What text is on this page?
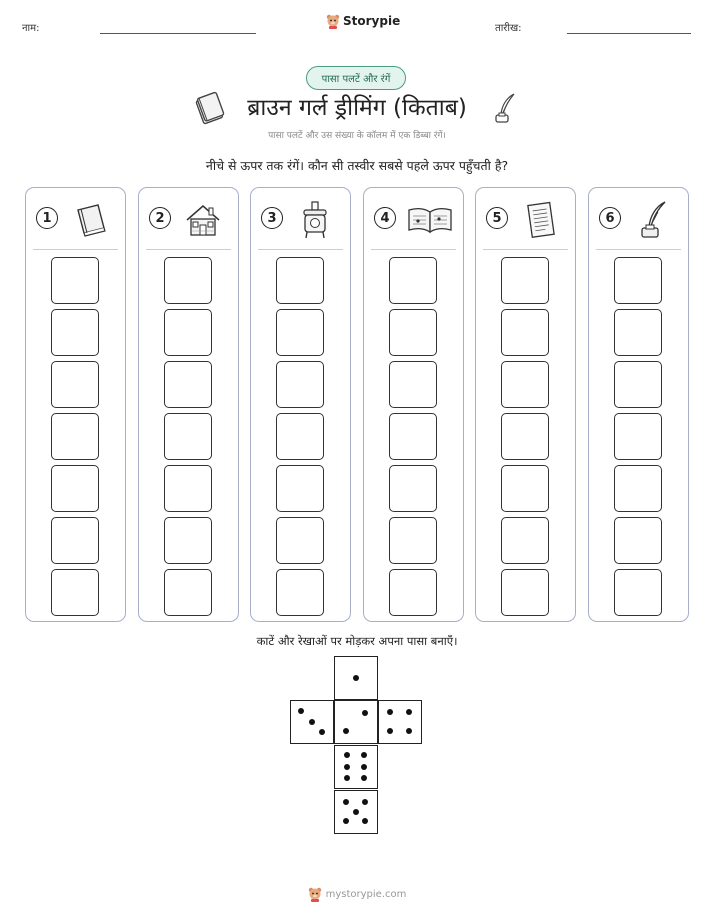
नाम:
Storypie
तारीख:
पासा पलटें और रंगें
ब्राउन गर्ल ड्रीमिंग (किताब)
पासा पलटें और उस संख्या के कॉलम में एक डिब्बा रंगें।
नीचे से ऊपर तक रंगें। कौन सी तस्वीर सबसे पहले ऊपर पहुँचती है?
1	2	3	4	5	6
काटें और रेखाओं पर मोड़कर अपना पासा बनाएँ।
mystorypie.com
